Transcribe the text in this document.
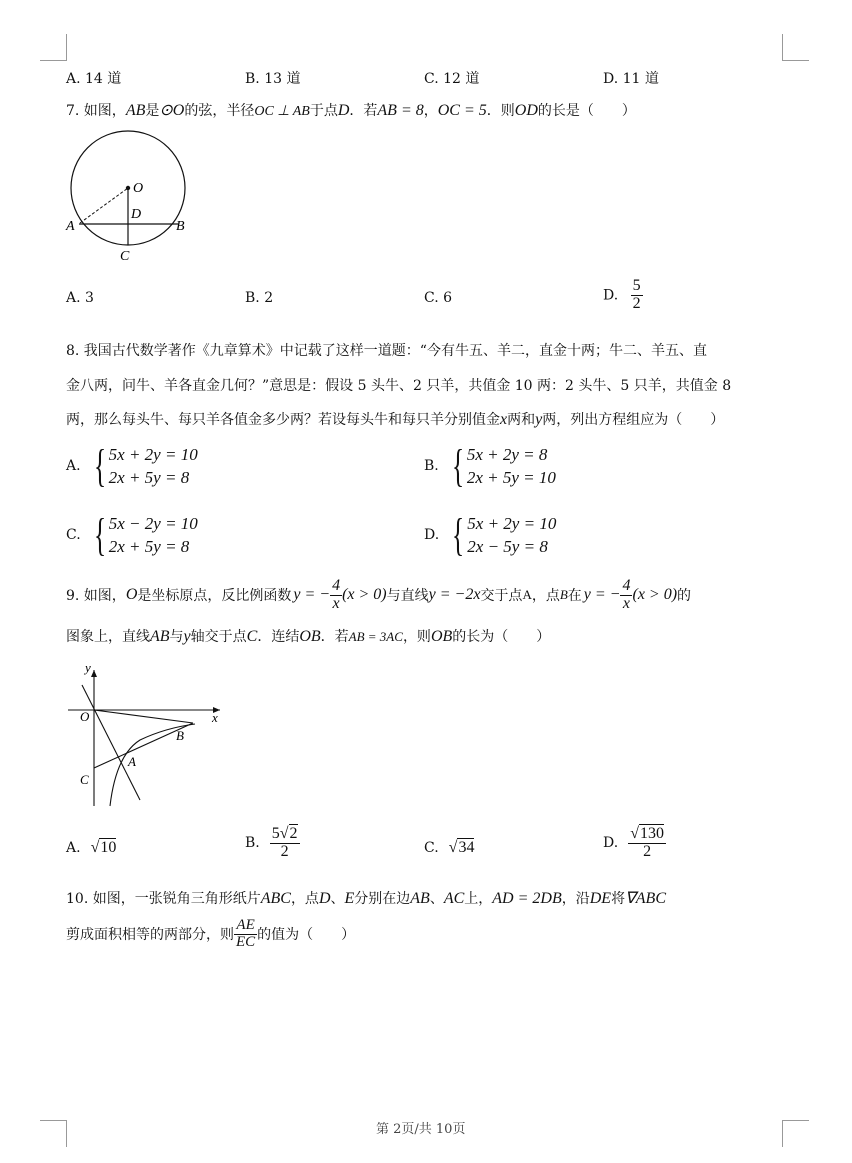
A. 14 道	B. 13 道	C. 12 道	D. 11 道
7. 如图，AB是⊙O的弦，半径OC ⊥ AB于点D．若AB = 8，OC = 5．则OD的长是（　　）
O
D
A	B
C
A. 3	B. 2	C. 6	D. $\frac{5}{2}$
8. 我国古代数学著作《九章算术》中记载了这样一道题：“今有牛五、羊二，直金十两；牛二、羊五、直
金八两，问牛、羊各直金几何？”意思是：假设 5 头牛、2 只羊，共值金 10 两：2 头牛、5 只羊，共值金 8
两，那么每头牛、每只羊各值金多少两？若设每头牛和每只羊分别值金x两和y两，列出方程组应为（　　）
A. { 5x + 2y = 10
2x + 5y = 8
B. { 5x + 2y = 8
2x + 5y = 10
C. { 5x − 2y = 10
2x + 5y = 8
D. { 5x + 2y = 10
2x − 5y = 8
9. 如图， O 是坐标原点，反比例函数 y = − $\frac{4}{x} (x > 0)$ 与直线 y = −2x 交于点 A ，点 B 在 y = − $\frac{4}{x} (x > 0)$ 的
图象上，直线AB与y轴交于点C．连结OB．若AB = 3AC，则OB的长为（　　）
y
x
O
B
A
C
A. √ 10	B. $\frac{5√2}{2}$	C. √ 34	D. $\frac{√130}{2}$
10. 如图，一张锐角三角形纸片ABC，点D、E分别在边AB、AC上，AD = 2DB，沿DE将∇ABC
剪成面积相等的两部分，则 $\frac{AE}{EC}$ 的值为（　　）
第 2页/共 10页
